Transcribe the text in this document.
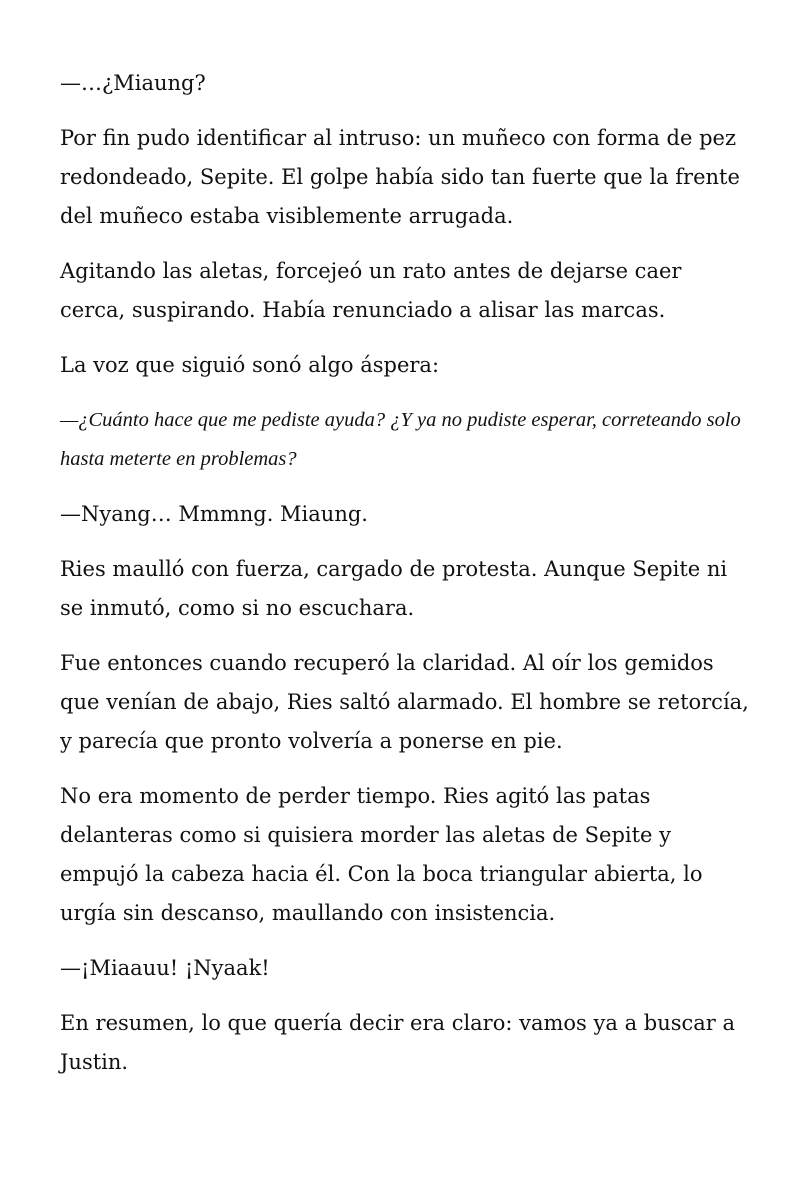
—…¿Miaung?

Por fin pudo identificar al intruso: un muñeco con forma de pez redondeado, Sepite. El golpe había sido tan fuerte que la frente del muñeco estaba visiblemente arrugada.

Agitando las aletas, forcejeó un rato antes de dejarse caer cerca, suspirando. Había renunciado a alisar las marcas.

La voz que siguió sonó algo áspera:

—¿Cuánto hace que me pediste ayuda? ¿Y ya no pudiste esperar, correteando solo hasta meterte en problemas?

—Nyang… Mmmng. Miaung.

Ries maulló con fuerza, cargado de protesta. Aunque Sepite ni se inmutó, como si no escuchara.

Fue entonces cuando recuperó la claridad. Al oír los gemidos que venían de abajo, Ries saltó alarmado. El hombre se retorcía, y parecía que pronto volvería a ponerse en pie.

No era momento de perder tiempo. Ries agitó las patas delanteras como si quisiera morder las aletas de Sepite y empujó la cabeza hacia él. Con la boca triangular abierta, lo urgía sin descanso, maullando con insistencia.

—¡Miaauu! ¡Nyaak!

En resumen, lo que quería decir era claro: vamos ya a buscar a Justin.
